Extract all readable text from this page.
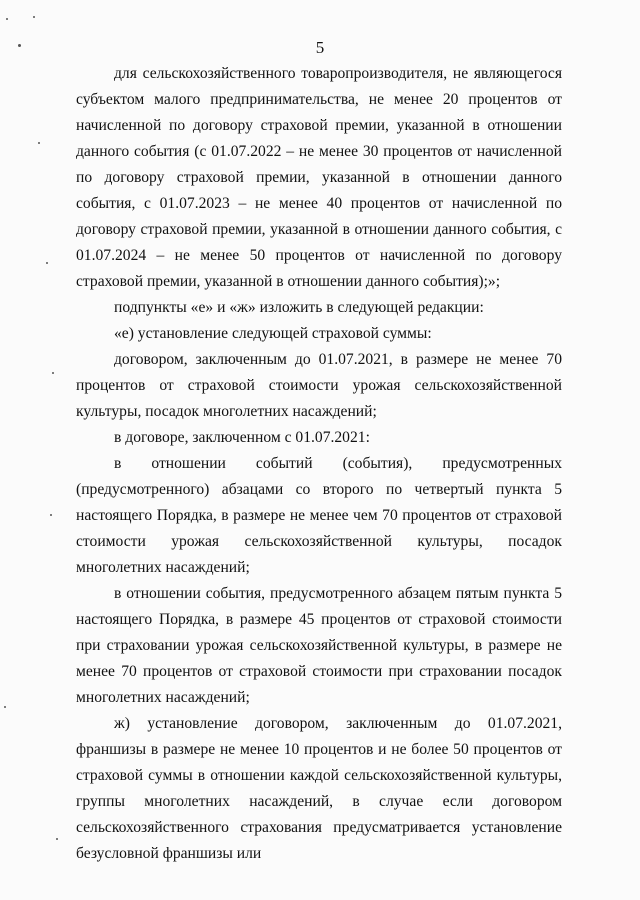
5

для сельскохозяйственного товаропроизводителя, не являющегося субъектом малого предпринимательства, не менее 20 процентов от начисленной по договору страховой премии, указанной в отношении данного события (с 01.07.2022 – не менее 30 процентов от начисленной по договору страховой премии, указанной в отношении данного события, с 01.07.2023 – не менее 40 процентов от начисленной по договору страховой премии, указанной в отношении данного события, с 01.07.2024 – не менее 50 процентов от начисленной по договору страховой премии, указанной в отношении данного события);»;

подпункты «е» и «ж» изложить в следующей редакции:

«е) установление следующей страховой суммы:

договором, заключенным до 01.07.2021, в размере не менее 70 процентов от страховой стоимости урожая сельскохозяйственной культуры, посадок многолетних насаждений;

в договоре, заключенном с 01.07.2021:

в отношении событий (события), предусмотренных (предусмотренного) абзацами со второго по четвертый пункта 5 настоящего Порядка, в размере не менее чем 70 процентов от страховой стоимости урожая сельскохозяйственной культуры, посадок многолетних насаждений;

в отношении события, предусмотренного абзацем пятым пункта 5 настоящего Порядка, в размере 45 процентов от страховой стоимости при страховании урожая сельскохозяйственной культуры, в размере не менее 70 процентов от страховой стоимости при страховании посадок многолетних насаждений;

ж) установление договором, заключенным до 01.07.2021, франшизы в размере не менее 10 процентов и не более 50 процентов от страховой суммы в отношении каждой сельскохозяйственной культуры, группы многолетних насаждений, в случае если договором сельскохозяйственного страхования предусматривается установление безусловной франшизы или
